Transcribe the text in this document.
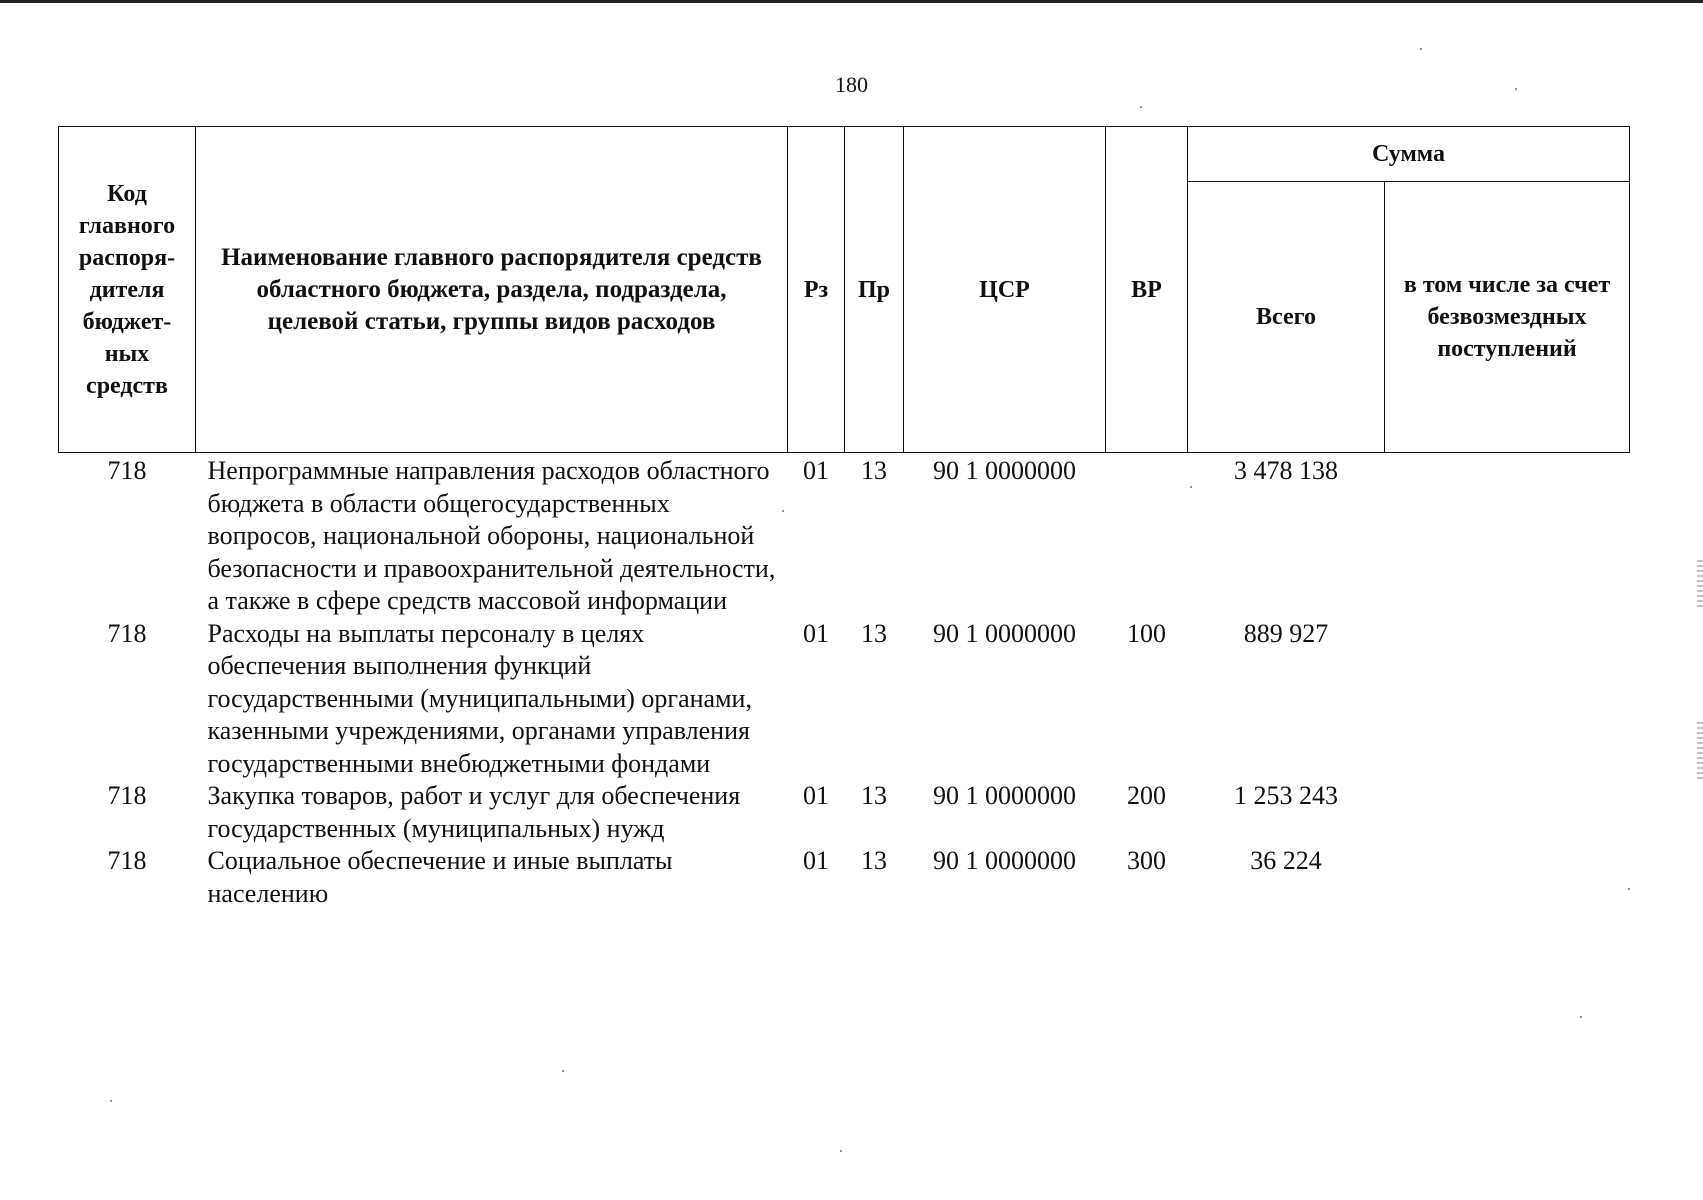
180
Код главного распоря-дителя бюджет-ных средств	Наименование главного распорядителя средств областного бюджета, раздела, подраздела, целевой статьи, группы видов расходов	Рз	Пр	ЦСР	ВР	Сумма	
						Всего	в том числе за счет безвозмездных поступлений
718	Непрограммные направления расходов областного бюджета в области общегосударственных вопросов, национальной обороны, национальной безопасности и правоохранительной деятельности, а также в сфере средств массовой информации	01	13	90 1 0000000		3 478 138	
718	Расходы на выплаты персоналу в целях обеспечения выполнения функций государственными (муниципальными) органами, казенными учреждениями, органами управления государственными внебюджетными фондами	01	13	90 1 0000000	100	889 927	
718	Закупка товаров, работ и услуг для обеспечения государственных (муниципальных) нужд	01	13	90 1 0000000	200	1 253 243	
718	Социальное обеспечение и иные выплаты населению	01	13	90 1 0000000	300	36 224	
